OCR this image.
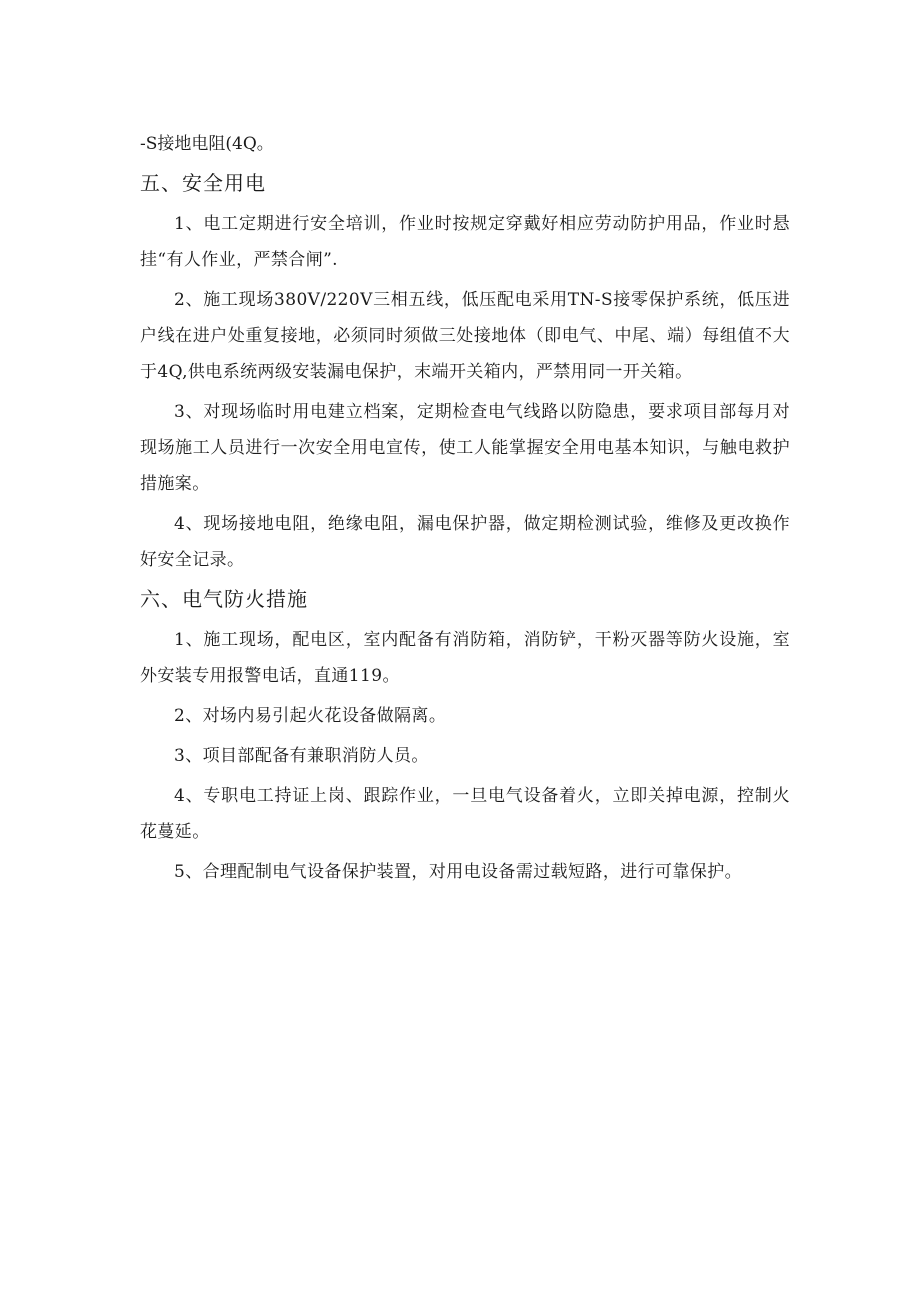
-S接地电阻(4Q。

五、安全用电

1、电工定期进行安全培训，作业时按规定穿戴好相应劳动防护用品，作业时悬挂“有人作业，严禁合闸”.

2、施工现场380V/220V三相五线，低压配电采用TN-S接零保护系统，低压进户线在进户处重复接地，必须同时须做三处接地体（即电气、中尾、端）每组值不大于4Q,供电系统两级安装漏电保护，末端开关箱内，严禁用同一开关箱。

3、对现场临时用电建立档案，定期检查电气线路以防隐患，要求项目部每月对现场施工人员进行一次安全用电宣传，使工人能掌握安全用电基本知识，与触电救护措施案。

4、现场接地电阻，绝缘电阻，漏电保护器，做定期检测试验，维修及更改换作好安全记录。

六、电气防火措施

1、施工现场，配电区，室内配备有消防箱，消防铲，干粉灭器等防火设施，室外安装专用报警电话，直通119。

2、对场内易引起火花设备做隔离。

3、项目部配备有兼职消防人员。

4、专职电工持证上岗、跟踪作业，一旦电气设备着火，立即关掉电源，控制火花蔓延。

5、合理配制电气设备保护装置，对用电设备需过载短路，进行可靠保护。
